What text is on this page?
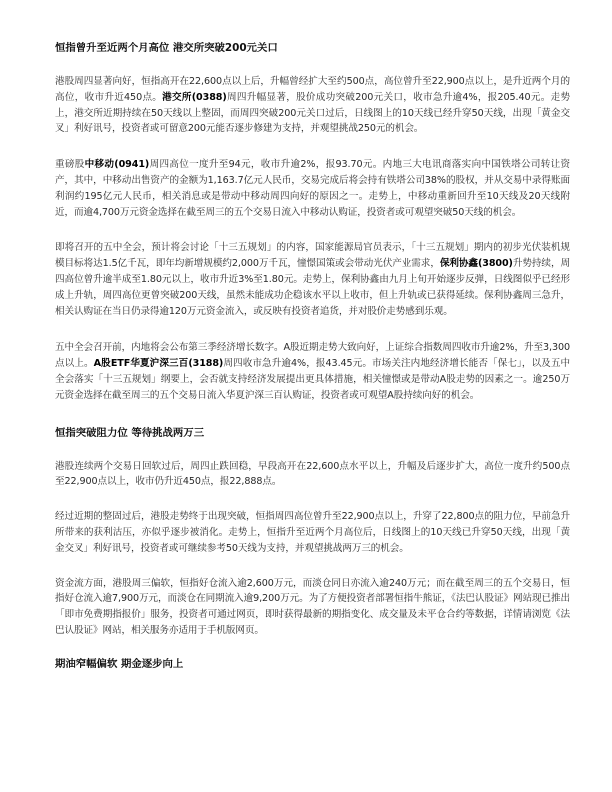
恒指曾升至近两个月高位 港交所突破200元关口

港股周四显著向好，恒指高开在22,600点以上后，升幅曾经扩大至约500点，高位曾升至22,900点以上，是升近两个月的高位，收市升近450点。港交所(0388)周四升幅显著，股价成功突破200元关口，收市急升逾4%，报205.40元。走势上，港交所近期持续在50天线以上整固，而周四突破200元关口过后，日线图上的10天线已经升穿50天线，出现「黄金交叉」利好讯号，投资者或可留意200元能否逐步修建为支持，并观望挑战250元的机会。

重磅股中移动(0941)周四高位一度升至94元，收市升逾2%，报93.70元。内地三大电讯商落实向中国铁塔公司转让资产，其中，中移动出售资产的金额为1,163.7亿元人民币，交易完成后将会持有铁塔公司38%的股权，并从交易中录得账面利润约195亿元人民币，相关消息或是带动中移动周四向好的原因之一。走势上，中移动重新回升至10天线及20天线附近，而逾4,700万元资金选择在截至周三的五个交易日流入中移动认购证，投资者或可观望突破50天线的机会。

即将召开的五中全会，预计将会讨论「十三五规划」的内容，国家能源局官员表示，「十三五规划」期内的初步光伏装机规模目标将达1.5亿千瓦，即年均新增规模约2,000万千瓦，憧憬国策或会带动光伏产业需求，保利协鑫(3800)升势持续，周四高位曾升逾半成至1.80元以上，收市升近3%至1.80元。走势上，保利协鑫由九月上旬开始逐步反弹，日线图似乎已经形成上升轨，周四高位更曾突破200天线，虽然未能成功企稳该水平以上收市，但上升轨或已获得延续。保利协鑫周三急升，相关认购证在当日仍录得逾120万元资金流入，或反映有投资者追货，并对股价走势感到乐观。

五中全会召开前，内地将会公布第三季经济增长数字。A股近期走势大致向好，上证综合指数周四收市升逾2%，升至3,300点以上。A股ETF华夏沪深三百(3188)周四收市急升逾4%，报43.45元。市场关注内地经济增长能否「保七」，以及五中全会落实「十三五规划」纲要上，会否就支持经济发展提出更具体措施，相关憧憬或是带动A股走势的因素之一。逾250万元资金选择在截至周三的五个交易日流入华夏沪深三百认购证，投资者或可观望A股持续向好的机会。

恒指突破阻力位 等待挑战两万三

港股连续两个交易日回软过后，周四止跌回稳，早段高开在22,600点水平以上，升幅及后逐步扩大，高位一度升约500点至22,900点以上，收市仍升近450点，报22,888点。

经过近期的整固过后，港股走势终于出现突破，恒指周四高位曾升至22,900点以上，升穿了22,800点的阻力位，早前急升所带来的获利沽压，亦似乎逐步被消化。走势上，恒指升至近两个月高位后，日线图上的10天线已升穿50天线，出现「黄金交叉」利好讯号，投资者或可继续参考50天线为支持，并观望挑战两万三的机会。

资金流方面，港股周三偏软，恒指好仓流入逾2,600万元，而淡仓同日亦流入逾240万元；而在截至周三的五个交易日，恒指好仓流入逾7,900万元，而淡仓在同期流入逾9,200万元。为了方便投资者部署恒指牛熊证，《法巴认股证》网站现已推出「即市免费期指报价」服务，投资者可通过网页，即时获得最新的期指变化、成交量及未平仓合约等数据，详情请浏览《法巴认股证》网站，相关服务亦适用于手机版网页。

期油窄幅偏软 期金逐步向上
